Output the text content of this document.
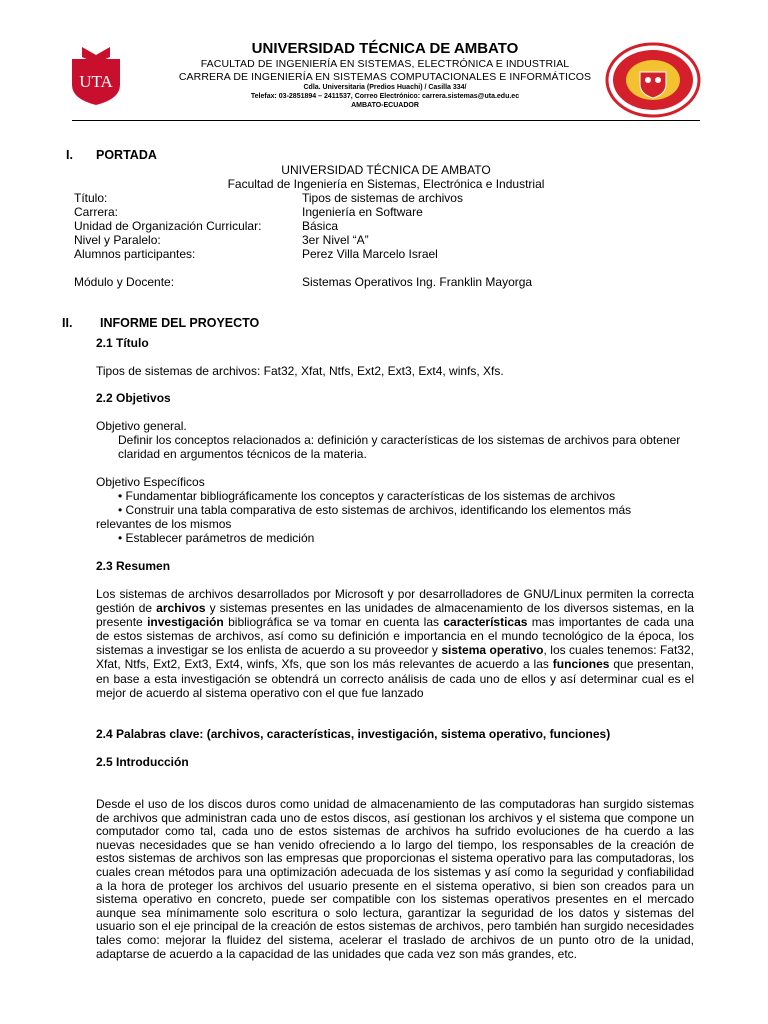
UTA
UNIVERSIDAD TÉCNICA DE AMBATO
FACULTAD DE INGENIERÍA EN SISTEMAS, ELECTRÓNICA E INDUSTRIAL
CARRERA DE INGENIERÍA EN SISTEMAS COMPUTACIONALES E INFORMÁTICOS
Cdla. Universitaria (Predios Huachi) / Casilla 334/
Telefax: 03-2851894 – 2411537, Correo Electrónico: carrera.sistemas@uta.edu.ec
AMBATO-ECUADOR
I. PORTADA
UNIVERSIDAD TÉCNICA DE AMBATO
Facultad de Ingeniería en Sistemas, Electrónica e Industrial
Título:	Tipos de sistemas de archivos
Carrera:	Ingeniería en Software
Unidad de Organización Curricular:	Básica
Nivel y Paralelo:	3er Nivel “A”
Alumnos participantes:	Perez Villa Marcelo Israel
Módulo y Docente:	Sistemas Operativos Ing. Franklin Mayorga
II. INFORME DEL PROYECTO
2.1 Título
Tipos de sistemas de archivos: Fat32, Xfat, Ntfs, Ext2, Ext3, Ext4, winfs, Xfs.
2.2 Objetivos
Objetivo general.
Definir los conceptos relacionados a: definición y características de los sistemas de archivos para obtener claridad en argumentos técnicos de la materia.
Objetivo Específicos
• Fundamentar bibliográficamente los conceptos y características de los sistemas de archivos
• Construir una tabla comparativa de esto sistemas de archivos, identificando los elementos más
relevantes de los mismos
• Establecer parámetros de medición
2.3 Resumen
Los sistemas de archivos desarrollados por Microsoft y por desarrolladores de GNU/Linux permiten la correcta gestión de archivos y sistemas presentes en las unidades de almacenamiento de los diversos sistemas, en la presente investigación bibliográfica se va tomar en cuenta las características mas importantes de cada una de estos sistemas de archivos, así como su definición e importancia en el mundo tecnológico de la época, los sistemas a investigar se los enlista de acuerdo a su proveedor y sistema operativo, los cuales tenemos: Fat32, Xfat, Ntfs, Ext2, Ext3, Ext4, winfs, Xfs, que son los más relevantes de acuerdo a las funciones que presentan, en base a esta investigación se obtendrá un correcto análisis de cada uno de ellos y así determinar cual es el mejor de acuerdo al sistema operativo con el que fue lanzado
2.4 Palabras clave: (archivos, características, investigación, sistema operativo, funciones)
2.5 Introducción
Desde el uso de los discos duros como unidad de almacenamiento de las computadoras han surgido sistemas de archivos que administran cada uno de estos discos, así gestionan los archivos y el sistema que compone un computador como tal, cada uno de estos sistemas de archivos ha sufrido evoluciones de ha cuerdo a las nuevas necesidades que se han venido ofreciendo a lo largo del tiempo, los responsables de la creación de estos sistemas de archivos son las empresas que proporcionas el sistema operativo para las computadoras, los cuales crean métodos para una optimización adecuada de los sistemas y así como la seguridad y confiabilidad a la hora de proteger los archivos del usuario presente en el sistema operativo, si bien son creados para un sistema operativo en concreto, puede ser compatible con los sistemas operativos presentes en el mercado aunque sea mínimamente solo escritura o solo lectura, garantizar la seguridad de los datos y sistemas del usuario son el eje principal de la creación de estos sistemas de archivos, pero también han surgido necesidades tales como: mejorar la fluidez del sistema, acelerar el traslado de archivos de un punto otro de la unidad, adaptarse de acuerdo a la capacidad de las unidades que cada vez son más grandes, etc.
